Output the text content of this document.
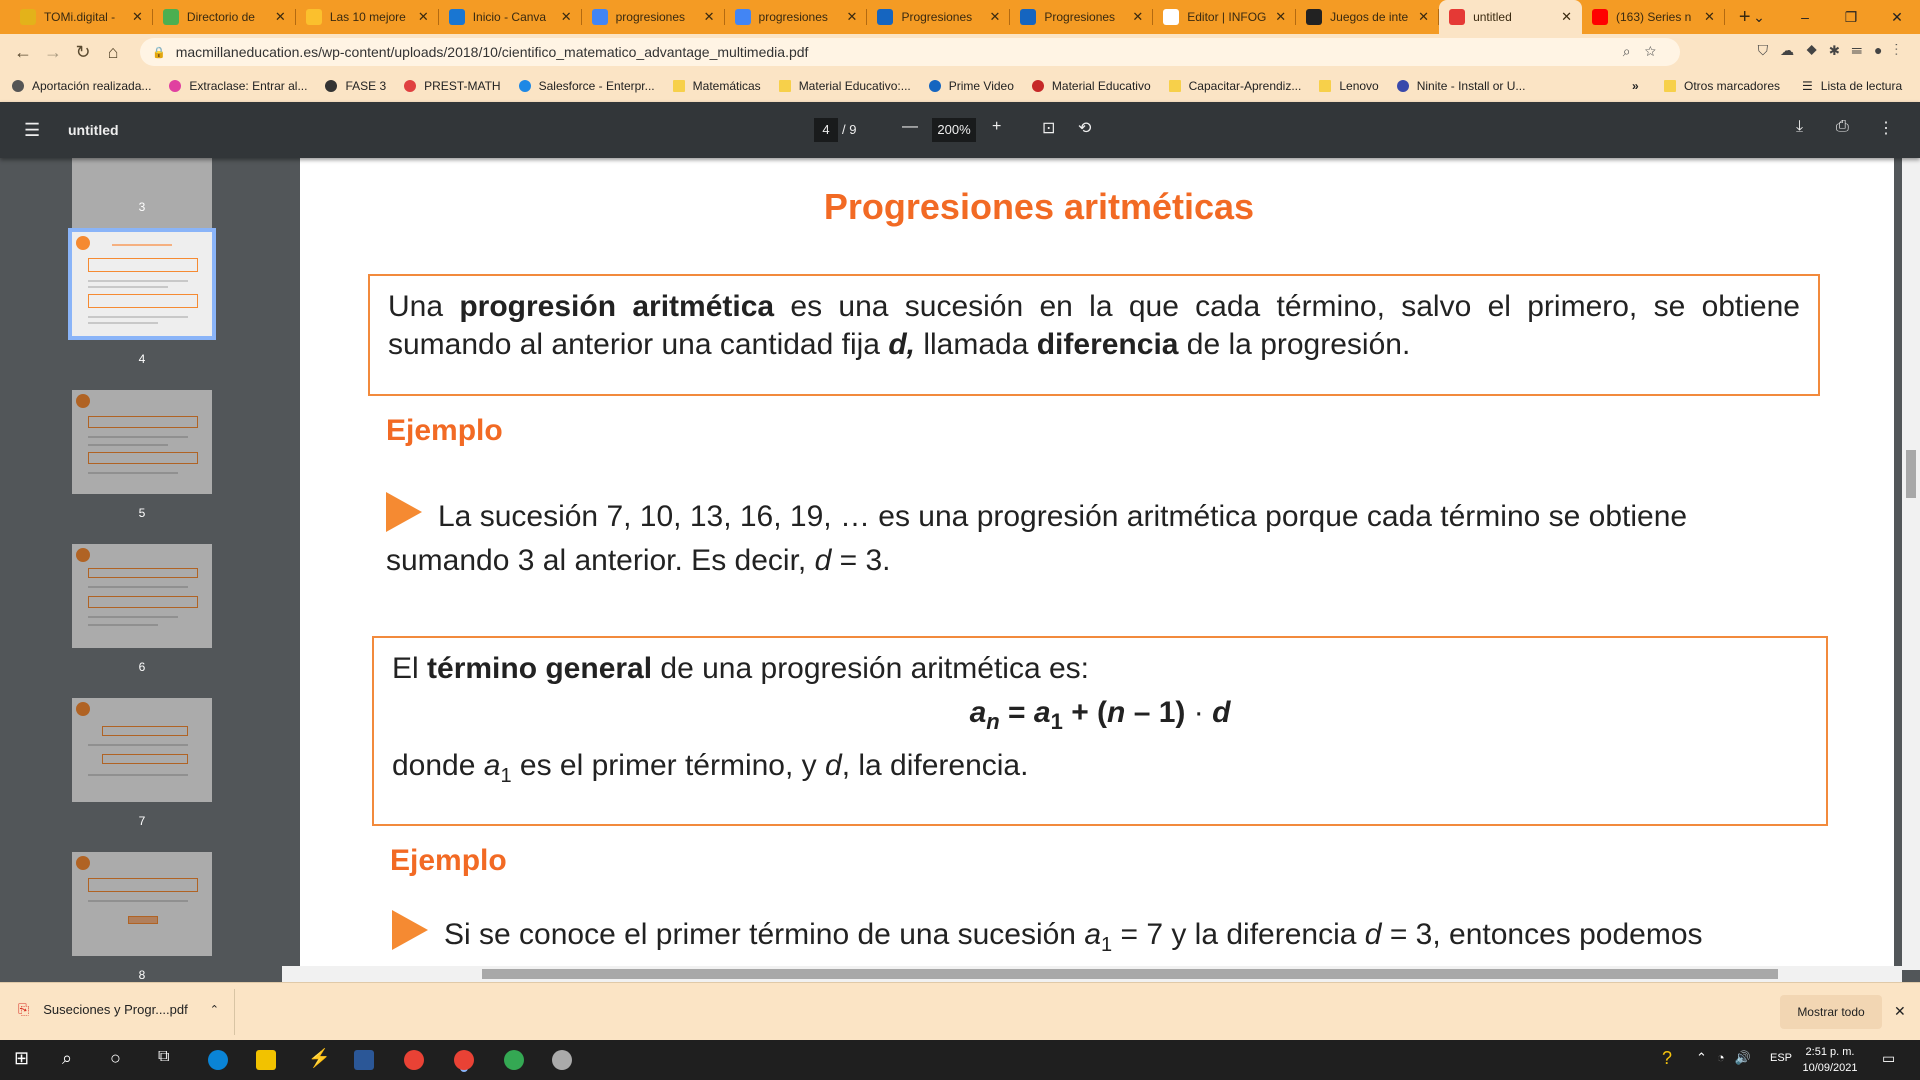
TOMi.digital -	✕	Directorio de	✕	Las 10 mejore ✕	Inicio - Canva	✕	progresiones	✕	progresiones	✕	Progresiones	✕	Progresiones	✕	Editor | INFOG ✕	Juegos de inte ✕	untitled	✕	(163) Series n ✕	+ ⌄	–	❐	✕
← → ↻ ⌂	🔒 macmillaneducation.es/wp-content/uploads/2018/10/cientifico_matematico_advantage_multimedia.pdf	⌕☆	⛉☁◆✱☰●⋮
Aportación realizada...	Extraclase: Entrar al...	FASE 3	PREST-MATH	Salesforce - Enterpr...	Matemáticas	Material Educativo:...	Prime Video	Material Educativo	Capacitar-Aprendiz...	Lenovo	Ninite - Install or U...	»	Otros marcadores ☰ Lista de lectura
☰ untitled	4 / 9	—	200%	+	⊡ ⟲	⤓ ⎙ ⋮
3
4
5
6
7
8
Progresiones aritméticas
Una progresión aritmética es una sucesión en la que cada término, salvo el primero, se obtiene sumando al anterior una cantidad fija d, llamada diferencia de la progresión.
Ejemplo
La sucesión 7, 10, 13, 16, 19, … es una progresión aritmética porque cada término se obtiene sumando 3 al anterior. Es decir, d = 3.
El término general de una progresión aritmética es:
$a_n = a_1 + (n - 1) \cdot d$
donde $a_1$ es el primer término, y d, la diferencia.
Ejemplo
Si se conoce el primer término de una sucesión $a_1 = 7$ y la diferencia d = 3, entonces podemos
⎘ Suseciones y Progr....pdf ⌃	Mostrar todo	✕
⊞ ⌕ ○ ⧉	⚡	? ⌃◔🔊 ESP	2:51 p. m.
10/09/2021
▭
